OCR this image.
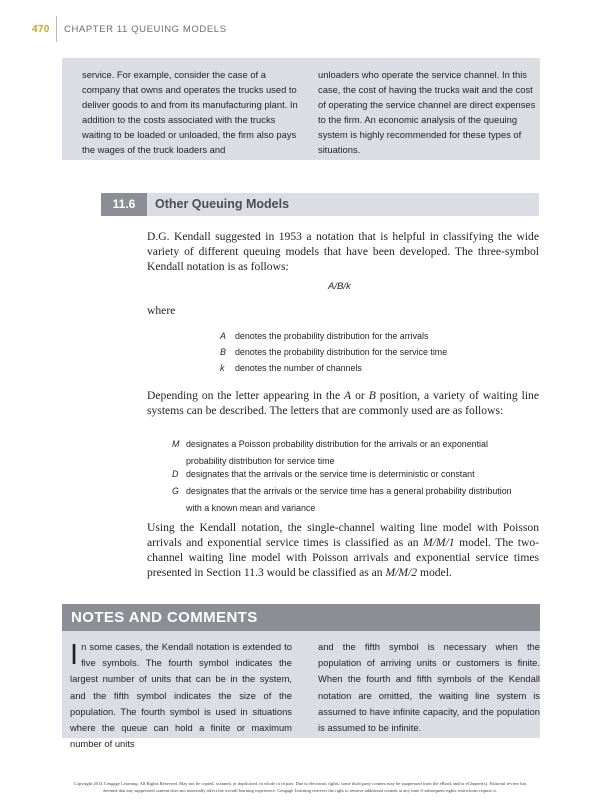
470 CHAPTER 11 QUEUING MODELS
service. For example, consider the case of a company that owns and operates the trucks used to deliver goods to and from its manufacturing plant. In addition to the costs associated with the trucks waiting to be loaded or unloaded, the firm also pays the wages of the truck loaders and
unloaders who operate the service channel. In this case, the cost of having the trucks wait and the cost of operating the service channel are direct expenses to the firm. An economic analysis of the queuing system is highly recommended for these types of situations.
11.6	Other Queuing Models

D.G. Kendall suggested in 1953 a notation that is helpful in classifying the wide variety of different queuing models that have been developed. The three-symbol Kendall notation is as follows:

A/B/k
where
A denotes the probability distribution for the arrivals
B denotes the probability distribution for the service time
k denotes the number of channels

Depending on the letter appearing in the A or B position, a variety of waiting line systems can be described. The letters that are commonly used are as follows:

M designates a Poisson probability distribution for the arrivals or an exponential probability distribution for service time
D designates that the arrivals or the service time is deterministic or constant
G designates that the arrivals or the service time has a general probability distribution with a known mean and variance

Using the Kendall notation, the single-channel waiting line model with Poisson arrivals and exponential service times is classified as an M/M/1 model. The two-channel waiting line model with Poisson arrivals and exponential service times presented in Section 11.3 would be classified as an M/M/2 model.

NOTES AND COMMENTS
In some cases, the Kendall notation is extended to five symbols. The fourth symbol indicates the largest number of units that can be in the system, and the fifth symbol indicates the size of the population. The fourth symbol is used in situations where the queue can hold a finite or maximum number of units
and the fifth symbol is necessary when the population of arriving units or customers is finite. When the fourth and fifth symbols of the Kendall notation are omitted, the waiting line system is assumed to have infinite capacity, and the population is assumed to be infinite.
Copyright 2014 Cengage Learning. All Rights Reserved. May not be copied, scanned, or duplicated, in whole or in part. Due to electronic rights, some third party content may be suppressed from the eBook and/or eChapter(s). Editorial review has
deemed that any suppressed content does not materially affect the overall learning experience. Cengage Learning reserves the right to remove additional content at any time if subsequent rights restrictions require it.
